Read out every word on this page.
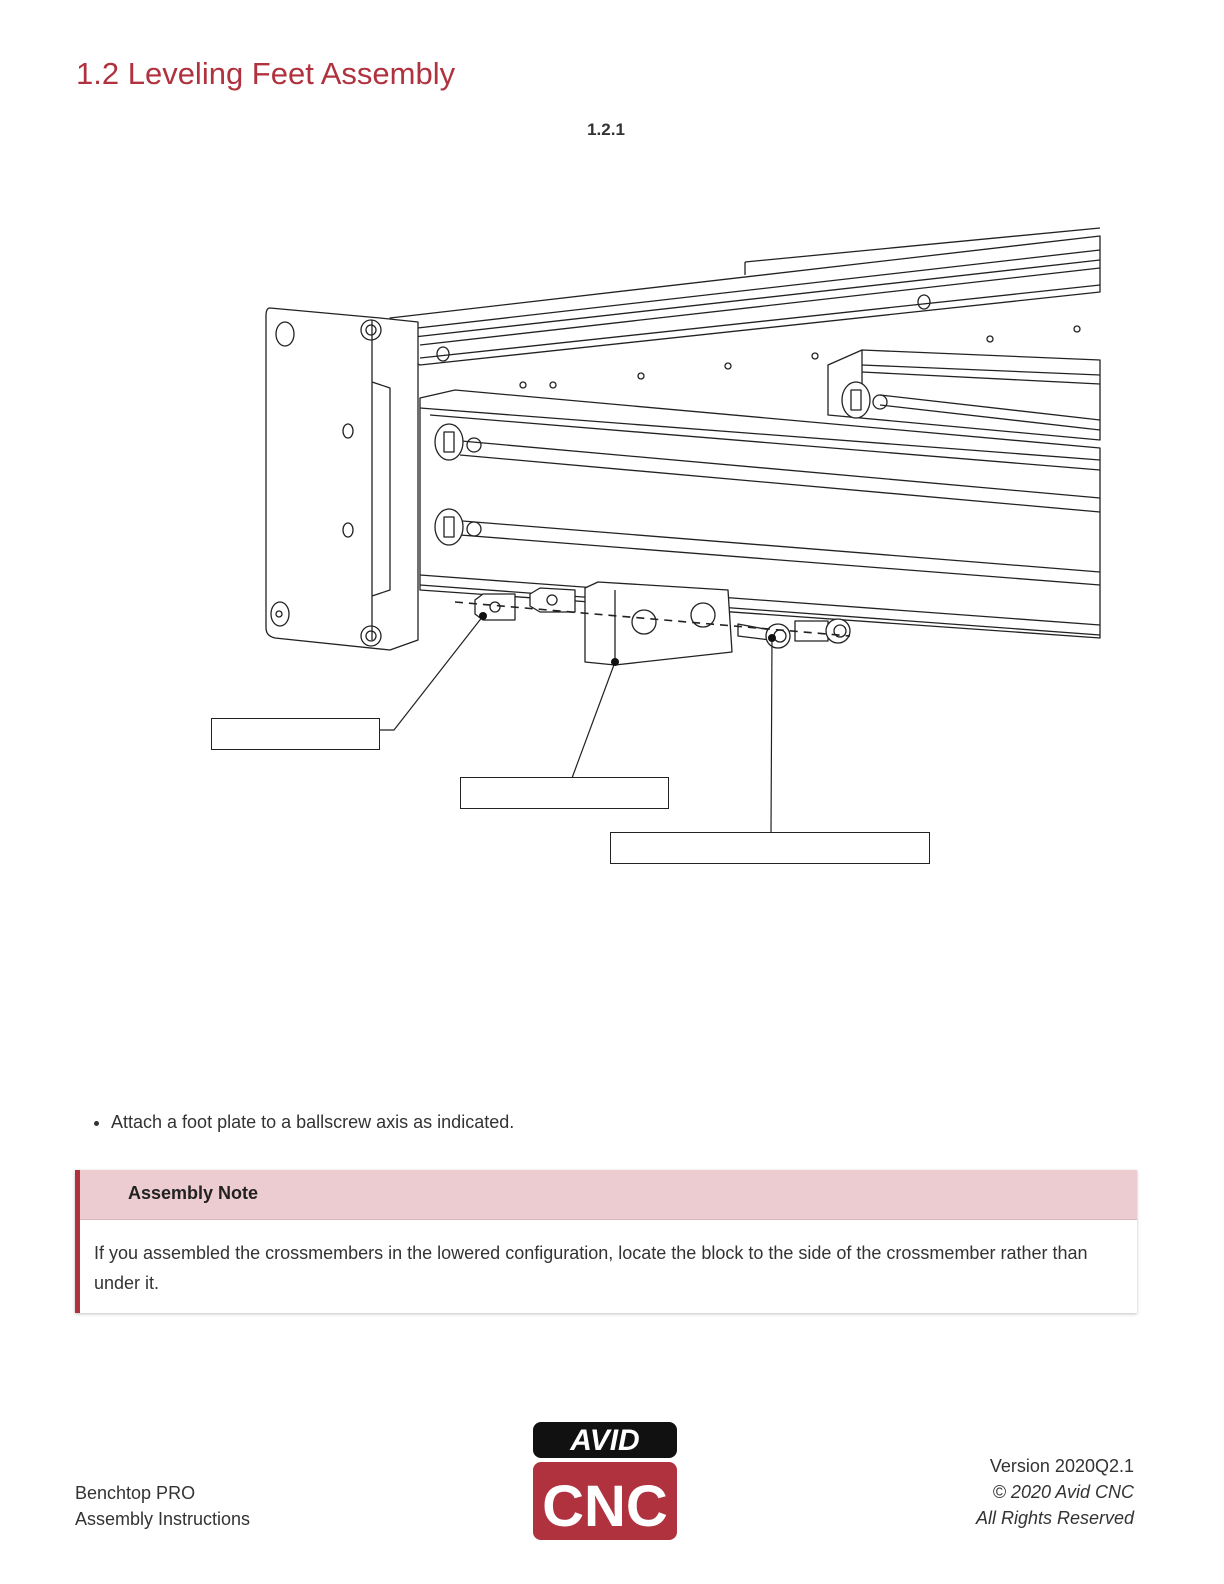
1.2 Leveling Feet Assembly
1.2.1
• Attach a foot plate to a ballscrew axis as indicated.
Assembly Note
If you assembled the crossmembers in the lowered configuration, locate the block to the side of the crossmember rather than under it.
Benchtop PRO
Assembly Instructions
AVID
CNC
Version 2020Q2.1
© 2020 Avid CNC
All Rights Reserved
